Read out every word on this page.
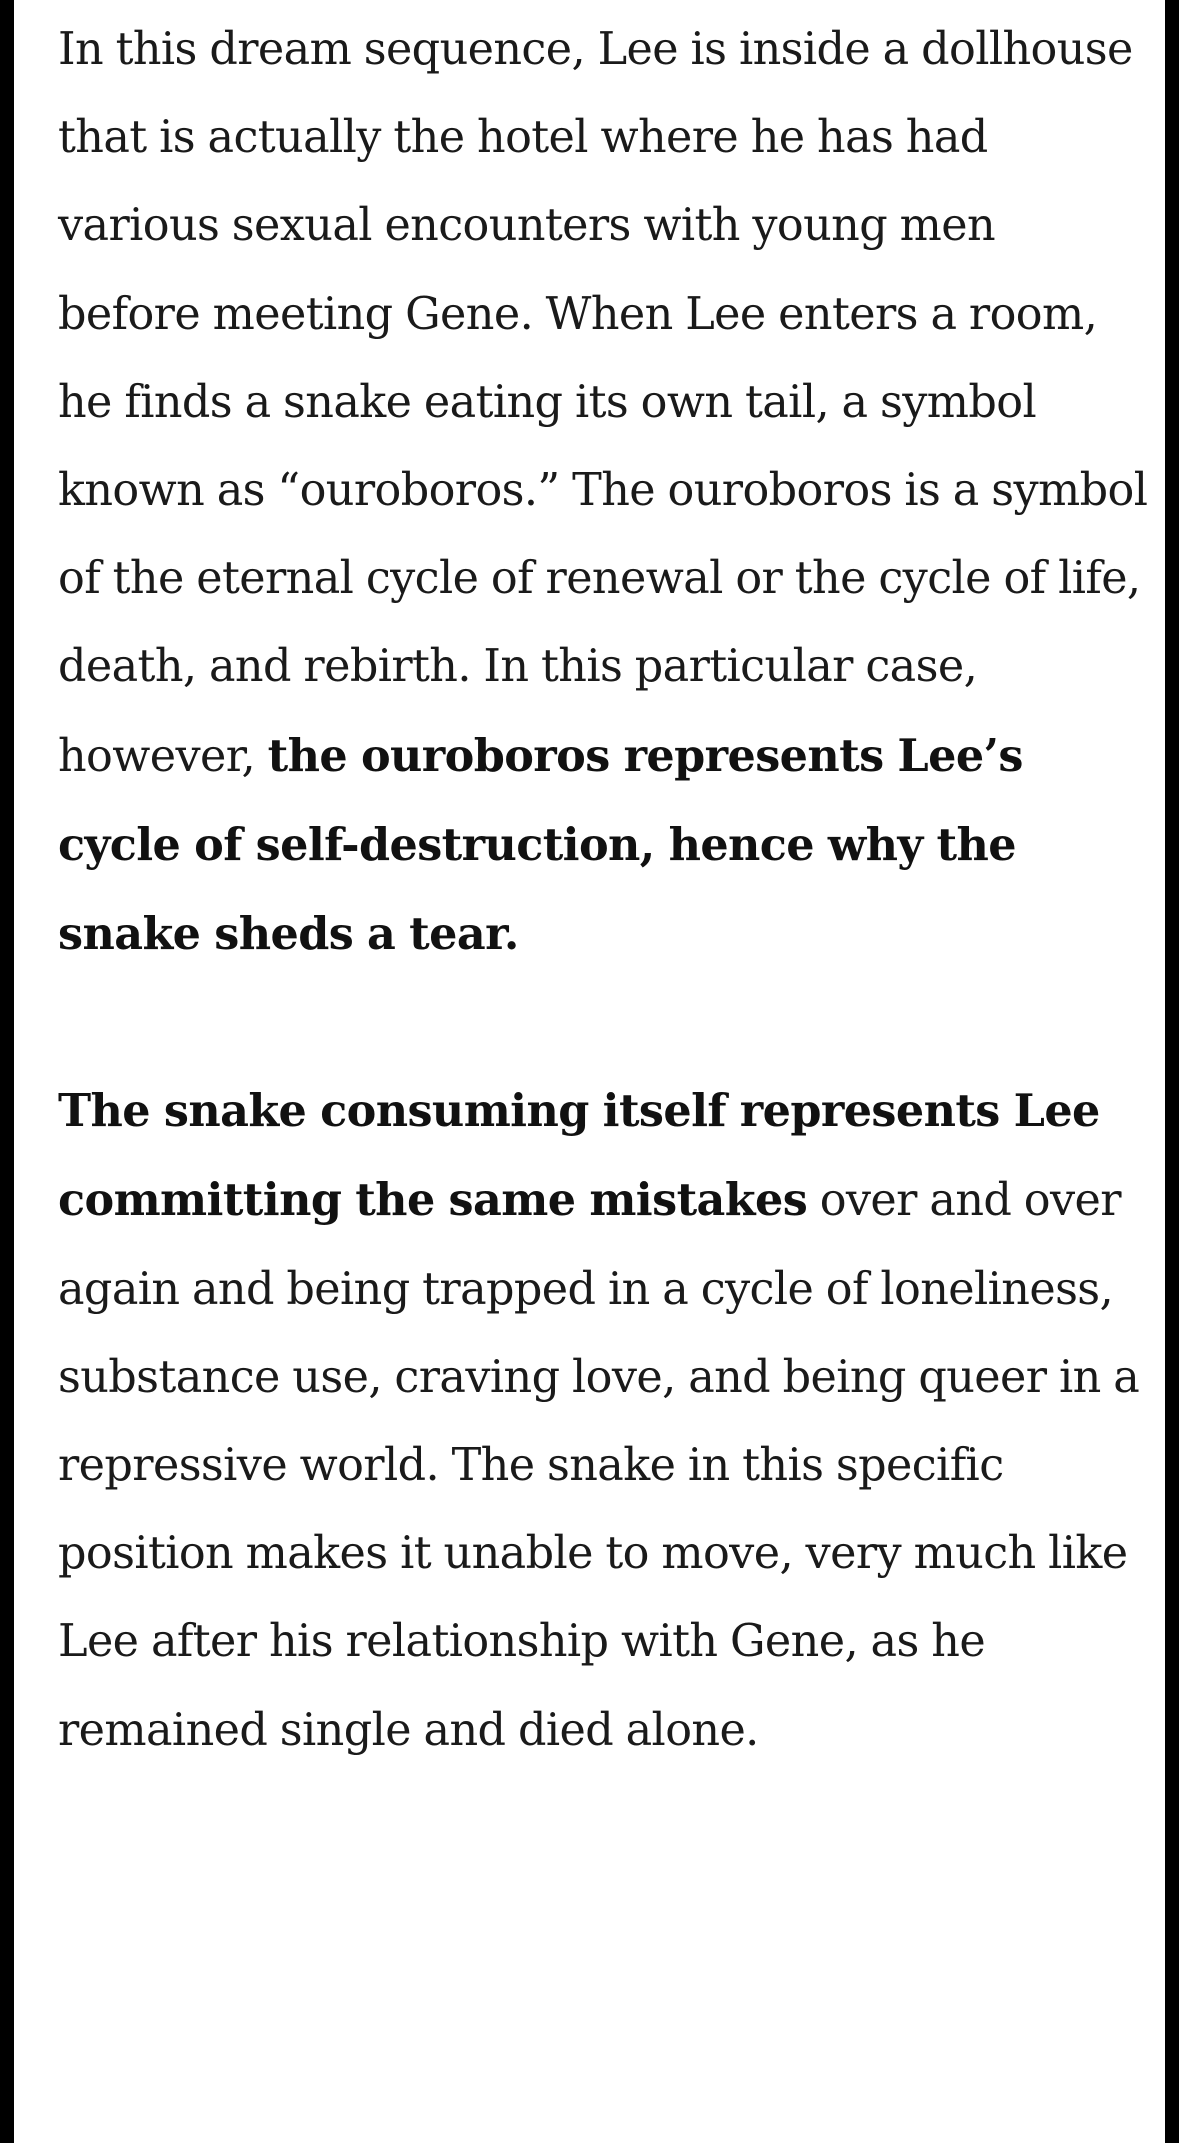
In this dream sequence, Lee is inside a dollhouse that is actually the hotel where he has had various sexual encounters with young men before meeting Gene. When Lee enters a room, he finds a snake eating its own tail, a symbol known as “ouroboros.” The ouroboros is a symbol of the eternal cycle of renewal or the cycle of life, death, and rebirth. In this particular case, however, the ouroboros represents Lee’s cycle of self-destruction, hence why the snake sheds a tear.

The snake consuming itself represents Lee committing the same mistakes over and over again and being trapped in a cycle of loneliness, substance use, craving love, and being queer in a repressive world. The snake in this specific position makes it unable to move, very much like Lee after his relationship with Gene, as he remained single and died alone.
